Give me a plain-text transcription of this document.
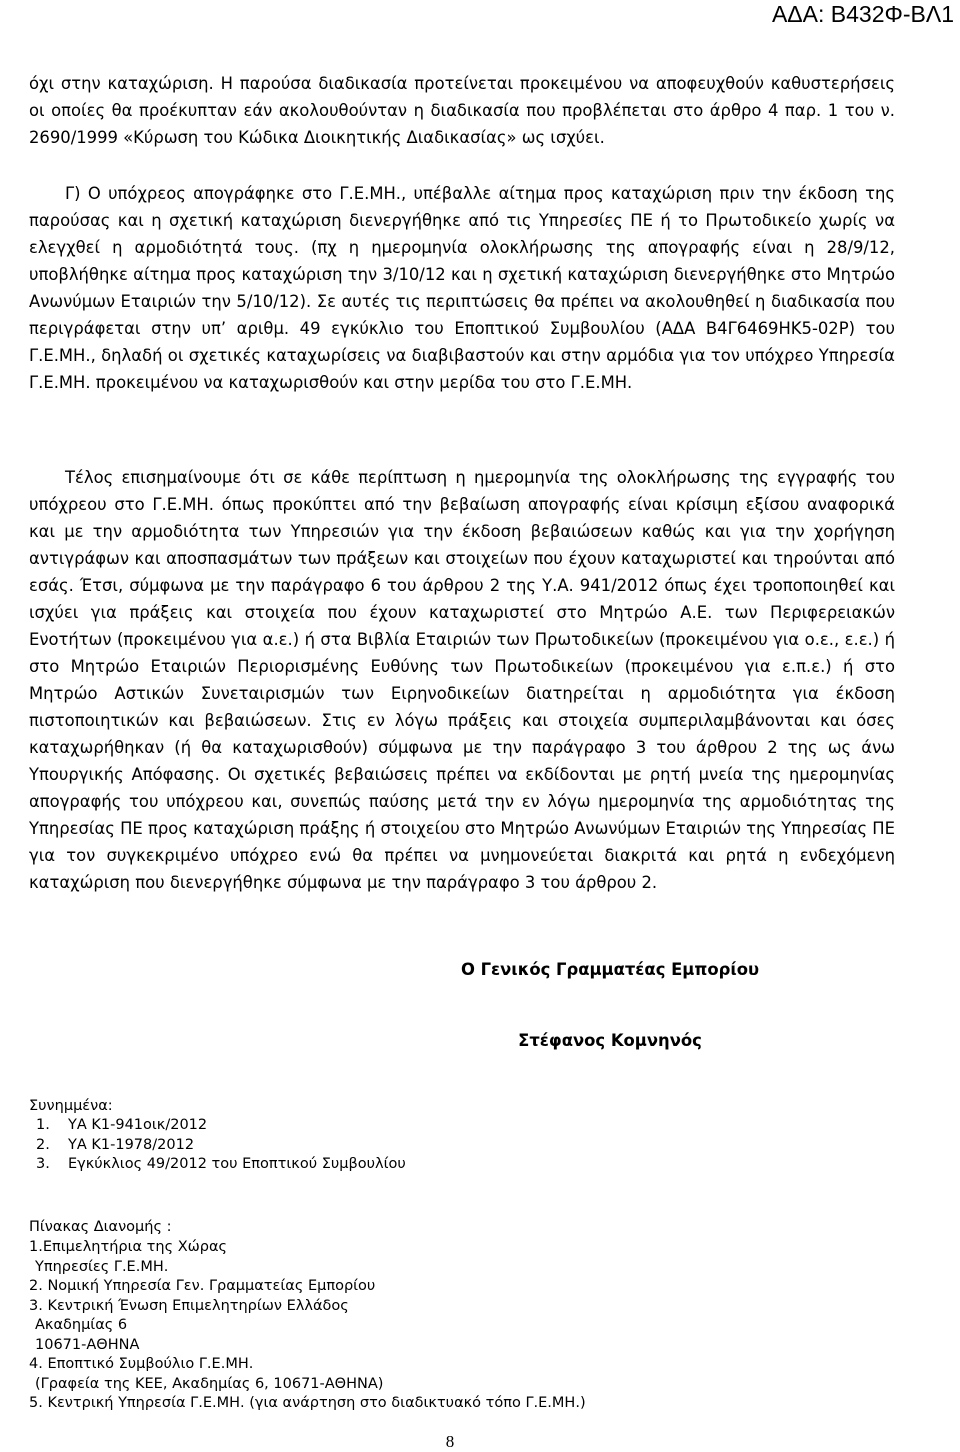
ΑΔΑ: Β432Φ-ΒΛ1

όχι στην καταχώριση. Η παρούσα διαδικασία προτείνεται προκειμένου να αποφευχθούν καθυστερήσεις οι οποίες θα προέκυπταν εάν ακολουθούνταν η διαδικασία που προβλέπεται στο άρθρο 4 παρ. 1 του ν. 2690/1999 «Κύρωση του Κώδικα Διοικητικής Διαδικασίας» ως ισχύει.

Γ) Ο υπόχρεος απογράφηκε στο Γ.Ε.ΜΗ., υπέβαλλε αίτημα προς καταχώριση πριν την έκδοση της παρούσας και η σχετική καταχώριση διενεργήθηκε από τις Υπηρεσίες ΠΕ ή το Πρωτοδικείο χωρίς να ελεγχθεί η αρμοδιότητά τους. (πχ η ημερομηνία ολοκλήρωσης της απογραφής είναι η 28/9/12, υποβλήθηκε αίτημα προς καταχώριση την 3/10/12 και η σχετική καταχώριση διενεργήθηκε στο Μητρώο Ανωνύμων Εταιριών την 5/10/12). Σε αυτές τις περιπτώσεις θα πρέπει να ακολουθηθεί η διαδικασία που περιγράφεται στην υπ’ αριθμ. 49 εγκύκλιο του Εποπτικού Συμβουλίου (ΑΔΑ Β4Γ6469ΗΚ5-02Ρ) του Γ.Ε.ΜΗ., δηλαδή οι σχετικές καταχωρίσεις να διαβιβαστούν και στην αρμόδια για τον υπόχρεο Υπηρεσία Γ.Ε.ΜΗ. προκειμένου να καταχωρισθούν και στην μερίδα του στο Γ.Ε.ΜΗ.

Τέλος επισημαίνουμε ότι σε κάθε περίπτωση η ημερομηνία της ολοκλήρωσης της εγγραφής του υπόχρεου στο Γ.Ε.ΜΗ. όπως προκύπτει από την βεβαίωση απογραφής είναι κρίσιμη εξίσου αναφορικά και με την αρμοδιότητα των Υπηρεσιών για την έκδοση βεβαιώσεων καθώς και για την χορήγηση αντιγράφων και αποσπασμάτων των πράξεων και στοιχείων που έχουν καταχωριστεί και τηρούνται από εσάς. Έτσι, σύμφωνα με την παράγραφο 6 του άρθρου 2 της Υ.Α. 941/2012 όπως έχει τροποποιηθεί και ισχύει για πράξεις και στοιχεία που έχουν καταχωριστεί στο Μητρώο Α.Ε. των Περιφερειακών Ενοτήτων (προκειμένου για α.ε.) ή στα Βιβλία Εταιριών των Πρωτοδικείων (προκειμένου για ο.ε., ε.ε.) ή στο Μητρώο Εταιριών Περιορισμένης Ευθύνης των Πρωτοδικείων (προκειμένου για ε.π.ε.) ή στο Μητρώο Αστικών Συνεταιρισμών των Ειρηνοδικείων διατηρείται η αρμοδιότητα για έκδοση πιστοποιητικών και βεβαιώσεων. Στις εν λόγω πράξεις και στοιχεία συμπεριλαμβάνονται και όσες καταχωρήθηκαν (ή θα καταχωρισθούν) σύμφωνα με την παράγραφο 3 του άρθρου 2 της ως άνω Υπουργικής Απόφασης. Οι σχετικές βεβαιώσεις πρέπει να εκδίδονται με ρητή μνεία της ημερομηνίας απογραφής του υπόχρεου και, συνεπώς παύσης μετά την εν λόγω ημερομηνία της αρμοδιότητας της Υπηρεσίας ΠΕ προς καταχώριση πράξης ή στοιχείου στο Μητρώο Ανωνύμων Εταιριών της Υπηρεσίας ΠΕ για τον συγκεκριμένο υπόχρεο ενώ θα πρέπει να μνημονεύεται διακριτά και ρητά η ενδεχόμενη καταχώριση που διενεργήθηκε σύμφωνα με την παράγραφο 3 του άρθρου 2.

Ο Γενικός Γραμματέας Εμπορίου
Στέφανος Κομνηνός
Συνημμένα:
1. ΥΑ Κ1-941οικ/2012
2. ΥΑ Κ1-1978/2012
3. Εγκύκλιος 49/2012 του Εποπτικού Συμβουλίου
Πίνακας Διανομής :
1.Επιμελητήρια της Χώρας
Υπηρεσίες Γ.Ε.ΜΗ.
2. Νομική Υπηρεσία Γεν. Γραμματείας Εμπορίου
3. Κεντρική Ένωση Επιμελητηρίων Ελλάδος
Ακαδημίας 6
10671-ΑΘΗΝΑ
4. Εποπτικό Συμβούλιο Γ.Ε.ΜΗ.
(Γραφεία της ΚΕΕ, Ακαδημίας 6, 10671-ΑΘΗΝΑ)
5. Κεντρική Υπηρεσία Γ.Ε.ΜΗ. (για ανάρτηση στο διαδικτυακό τόπο Γ.Ε.ΜΗ.)
8
